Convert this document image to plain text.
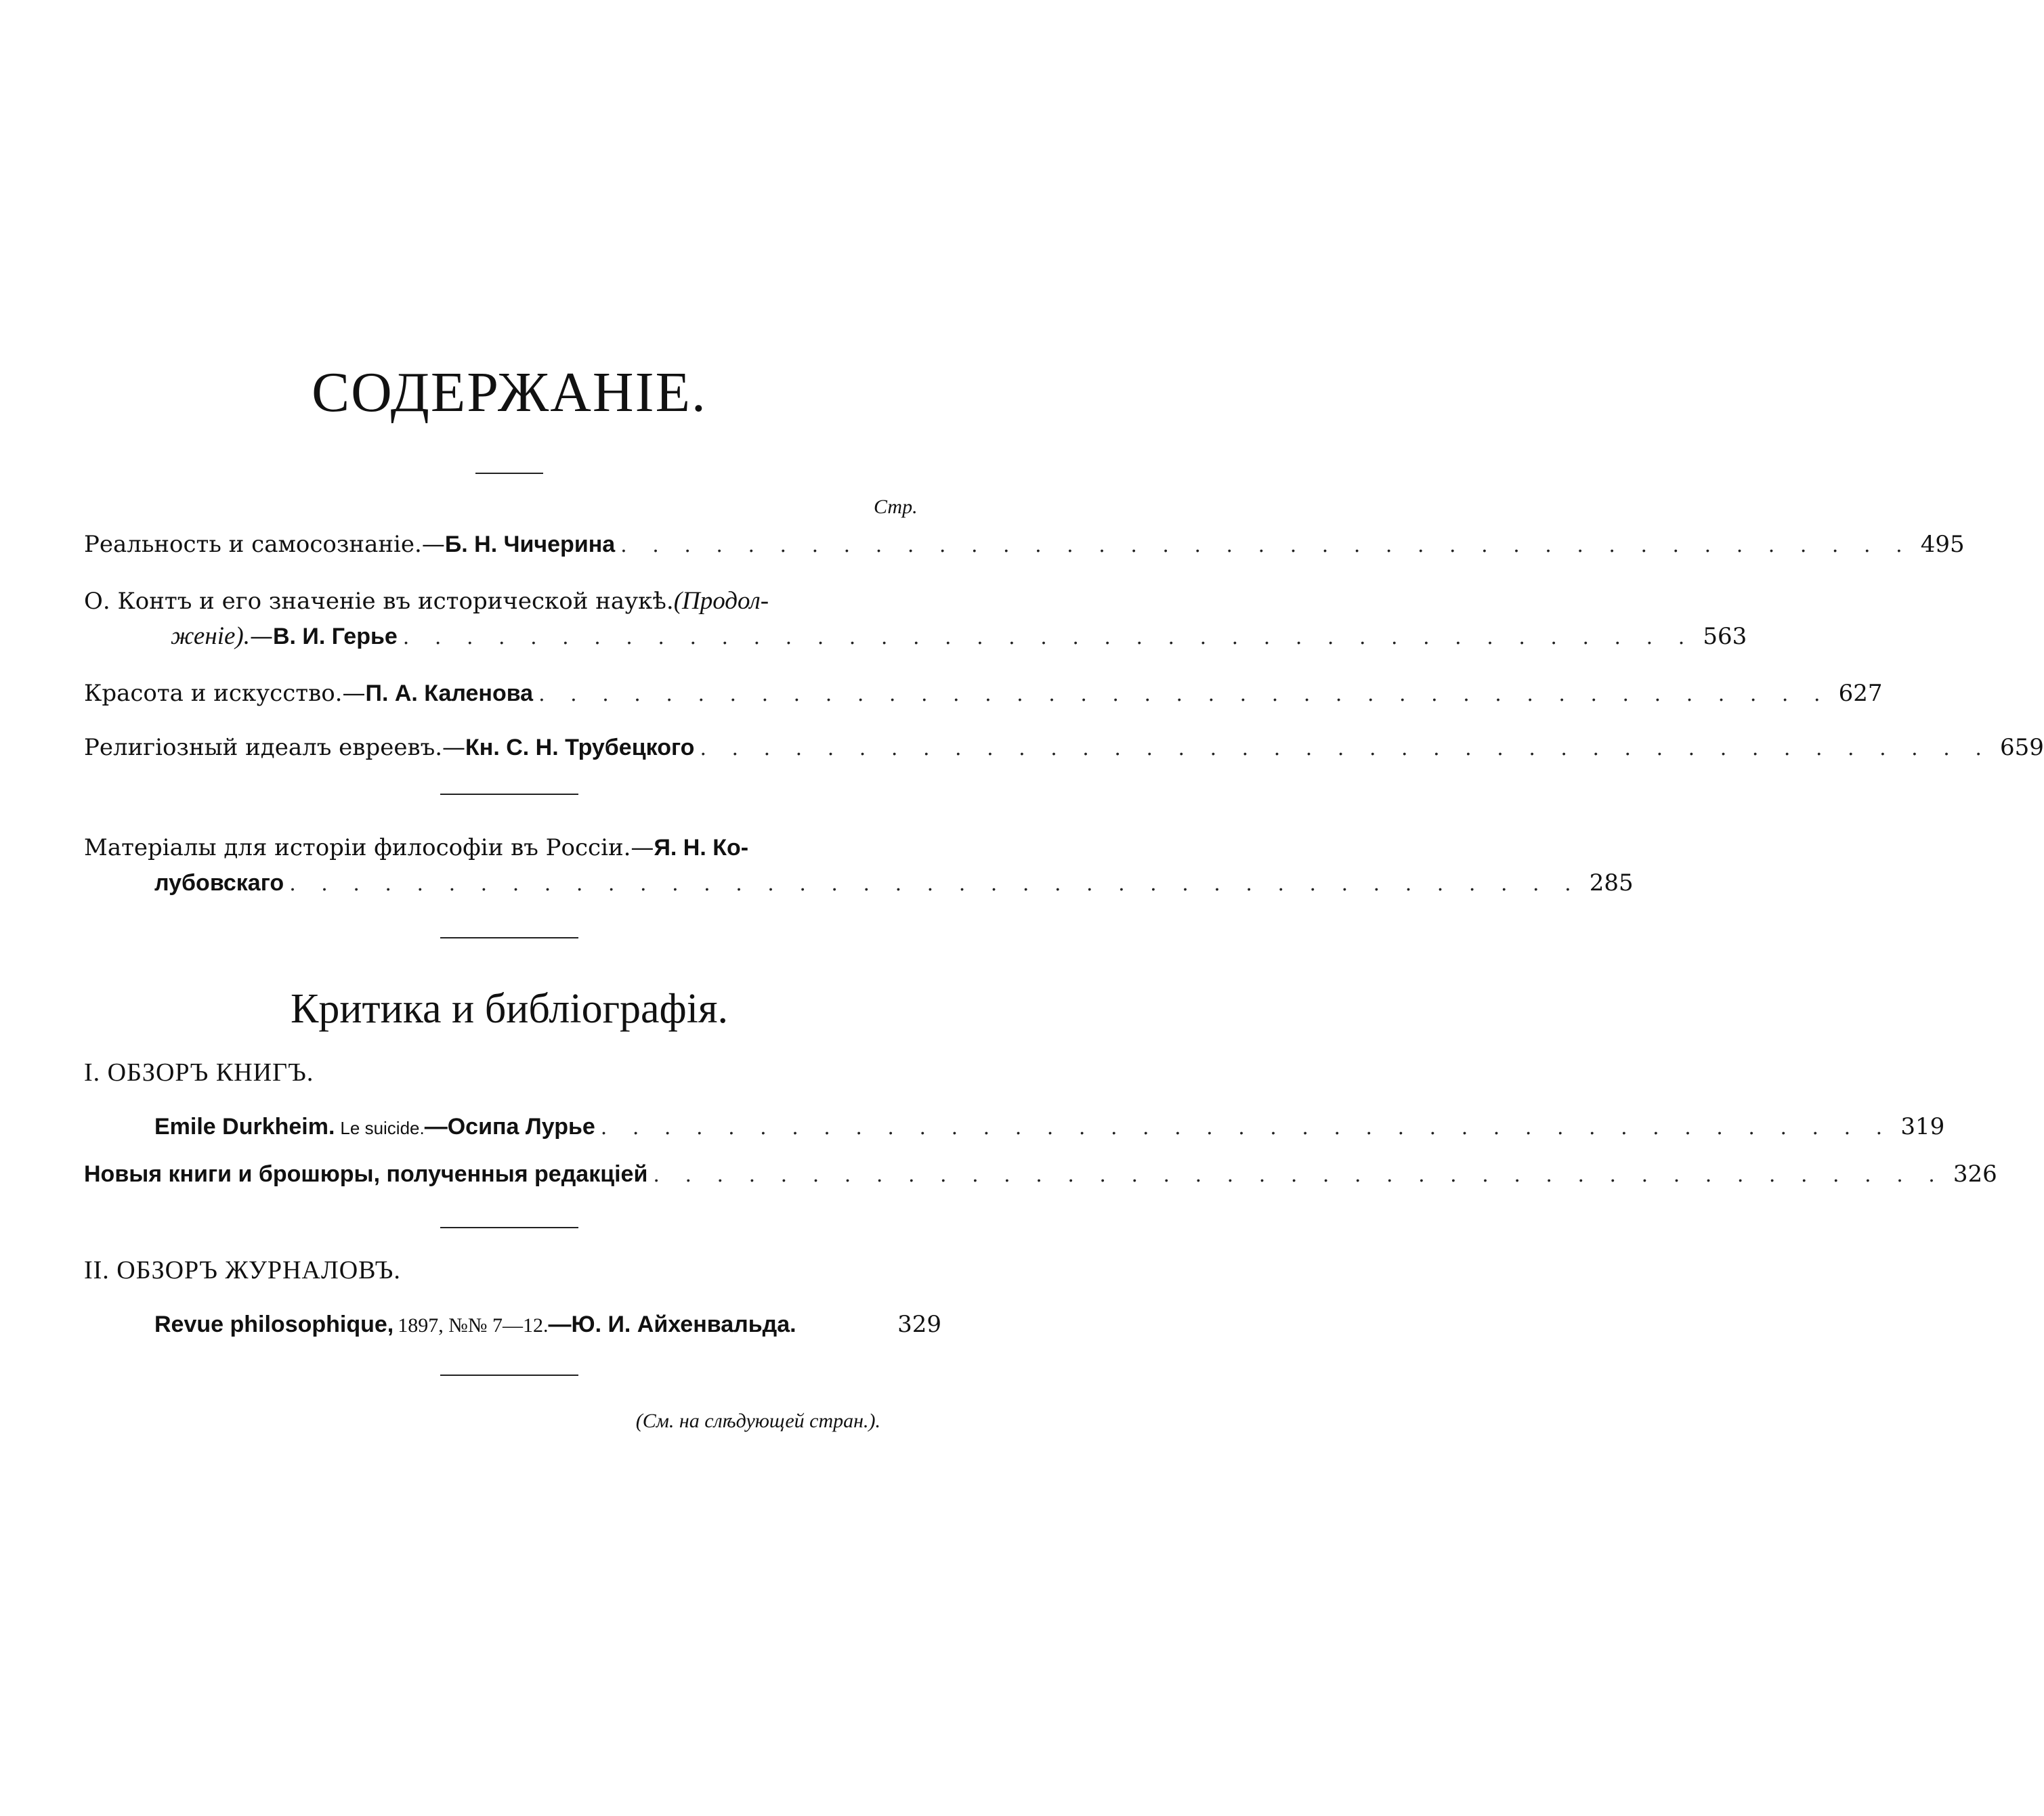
СОДЕРЖАНІЕ.
Стр.
Реальность и самосознаніе.— Б. Н. Чичерина . . . . . . . . . . . . . . . . . . . . . . . . . . . . . . . . . . . . . . . . . 495
О. Контъ и его значеніе въ исторической наукѣ. (Продол-
женіе). — В. И. Герье . . . . . . . . . . . . . . . . . . . . . . . . . . . . . . . . . . . . . . . . . 563
Красота и искусство.— П. А. Каленова . . . . . . . . . . . . . . . . . . . . . . . . . . . . . . . . . . . . . . . . . 627
Религіозный идеалъ евреевъ.— Кн. С. Н. Трубецкого . . . . . . . . . . . . . . . . . . . . . . . . . . . . . . . . . . . . . . . . . 659
Матеріалы для исторіи философіи въ Россіи.— Я. Н. Ко-
лубовскаго . . . . . . . . . . . . . . . . . . . . . . . . . . . . . . . . . . . . . . . . . 285
Критика и библіографія.
I. ОБЗОРЪ КНИГЪ.
Emile Durkheim. Le suicide. —Осипа Лурье . . . . . . . . . . . . . . . . . . . . . . . . . . . . . . . . . . . . . . . . . 319
Новыя книги и брошюры, полученныя редакціей . . . . . . . . . . . . . . . . . . . . . . . . . . . . . . . . . . . . . . . . . 326
II. ОБЗОРЪ ЖУРНАЛОВЪ.
Revue philosophique, 1897, №№ 7—12. —Ю. И. Айхенвальда.	329
(См. на слѣдующей стран.).
